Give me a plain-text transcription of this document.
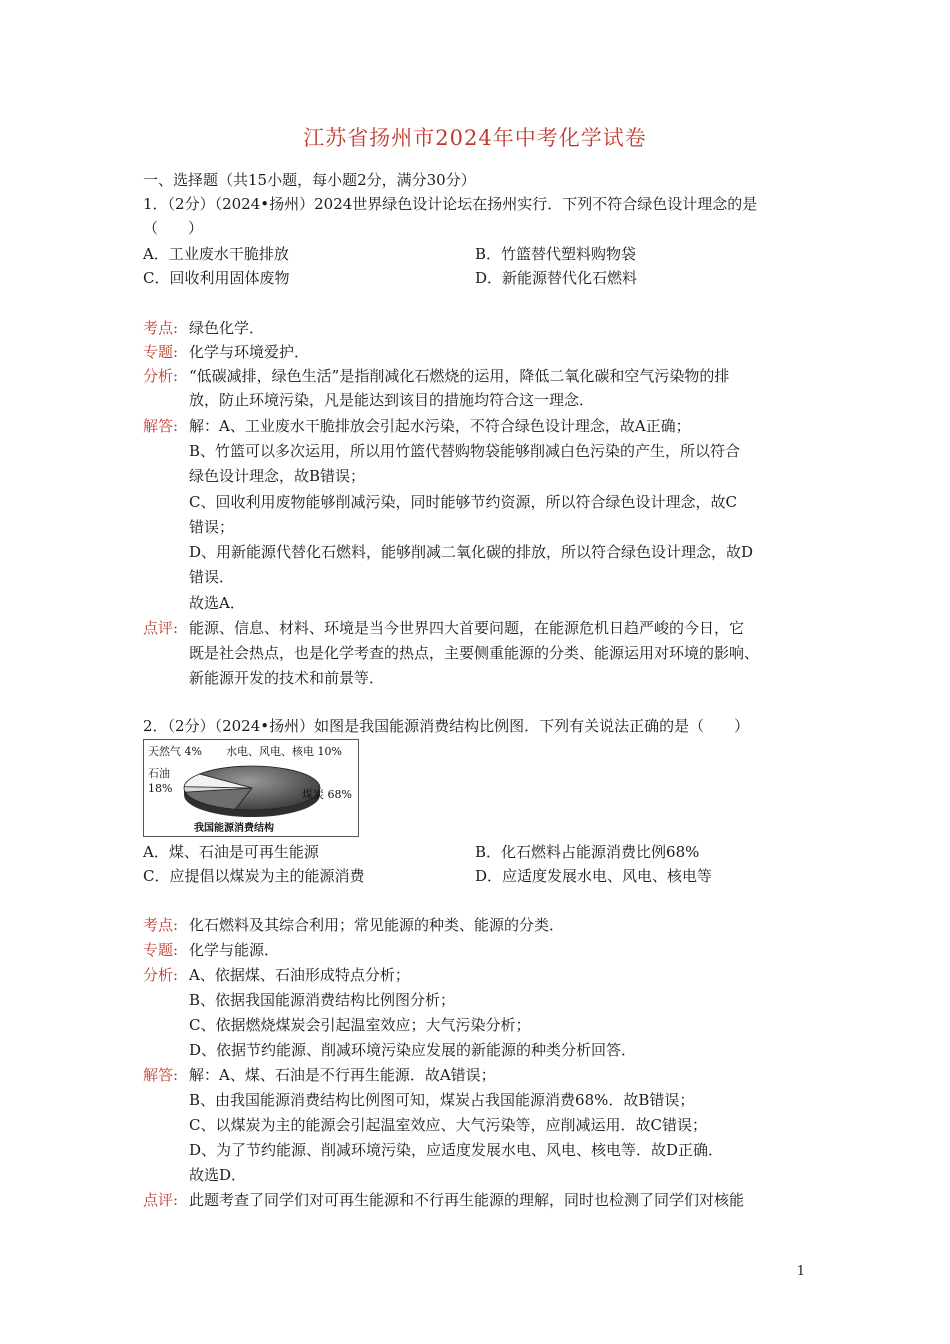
江苏省扬州市2024年中考化学试卷
一、选择题（共15小题，每小题2分，满分30分）
1．（2分）（2024•扬州）2024世界绿色设计论坛在扬州实行．下列不符合绿色设计理念的是
（　　）
A．工业废水干脆排放	B．竹篮替代塑料购物袋
C．回收利用固体废物	D．新能源替代化石燃料
考点: 绿色化学．
专题: 化学与环境爱护．
分析: “低碳减排，绿色生活”是指削减化石燃烧的运用，降低二氧化碳和空气污染物的排
放，防止环境污染，凡是能达到该目的措施均符合这一理念．
解答: 解：A、工业废水干脆排放会引起水污染，不符合绿色设计理念，故A正确；
B、竹篮可以多次运用，所以用竹篮代替购物袋能够削减白色污染的产生，所以符合
绿色设计理念，故B错误；
C、回收利用废物能够削减污染，同时能够节约资源，所以符合绿色设计理念，故C
错误；
D、用新能源代替化石燃料，能够削减二氧化碳的排放，所以符合绿色设计理念，故D
错误．
故选A．
点评: 能源、信息、材料、环境是当今世界四大首要问题，在能源危机日趋严峻的今日，它
既是社会热点，也是化学考查的热点，主要侧重能源的分类、能源运用对环境的影响、
新能源开发的技术和前景等．
2．（2分）（2024•扬州）如图是我国能源消费结构比例图．下列有关说法正确的是（　　）
天然气 4% 水电、风电、核电 10%
石油
18%	煤炭 68%
我国能源消费结构
A．煤、石油是可再生能源	B．化石燃料占能源消费比例68%
C．应提倡以煤炭为主的能源消费	D．应适度发展水电、风电、核电等
考点: 化石燃料及其综合利用；常见能源的种类、能源的分类．
专题: 化学与能源．
分析: A、依据煤、石油形成特点分析；
B、依据我国能源消费结构比例图分析；
C、依据燃烧煤炭会引起温室效应；大气污染分析；
D、依据节约能源、削减环境污染应发展的新能源的种类分析回答．
解答: 解：A、煤、石油是不行再生能源．故A错误；
B、由我国能源消费结构比例图可知，煤炭占我国能源消费68%．故B错误；
C、以煤炭为主的能源会引起温室效应、大气污染等，应削减运用．故C错误；
D、为了节约能源、削减环境污染，应适度发展水电、风电、核电等．故D正确．
故选D．
点评: 此题考查了同学们对可再生能源和不行再生能源的理解，同时也检测了同学们对核能
1
